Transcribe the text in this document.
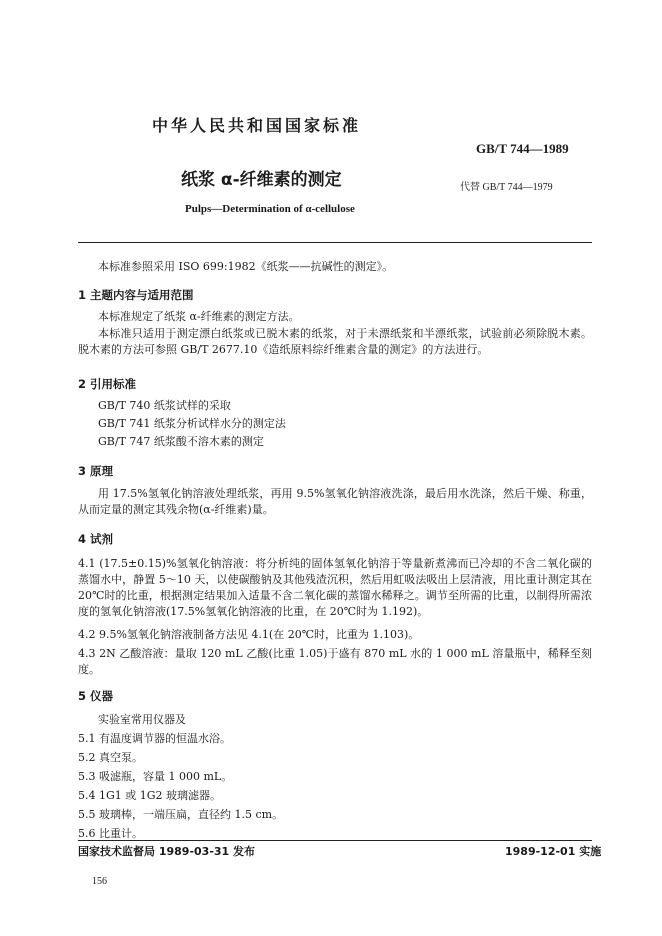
中华人民共和国国家标准
GB/T 744—1989
纸浆 α-纤维素的测定	代替 GB/T 744—1979
Pulps—Determination of α-cellulose
本标准参照采用 ISO 699:1982《纸浆——抗碱性的测定》。
1 主题内容与适用范围
本标准规定了纸浆 α-纤维素的测定方法。
本标准只适用于测定漂白纸浆或已脱木素的纸浆，对于未漂纸浆和半漂纸浆，试验前必须除脱木素。脱木素的方法可参照 GB/T 2677.10《造纸原料综纤维素含量的测定》的方法进行。
2 引用标准
GB/T 740 纸浆试样的采取
GB/T 741 纸浆分析试样水分的测定法
GB/T 747 纸浆酸不溶木素的测定
3 原理
用 17.5%氢氧化钠溶液处理纸浆，再用 9.5%氢氧化钠溶液洗涤，最后用水洗涤，然后干燥、称重，从而定量的测定其残余物(α-纤维素)量。
4 试剂
4.1 (17.5±0.15)%氢氧化钠溶液：将分析纯的固体氢氧化钠溶于等量新煮沸而已冷却的不含二氧化碳的蒸馏水中，静置 5～10 天，以使碳酸钠及其他残渣沉积，然后用虹吸法吸出上层清液，用比重计测定其在 20℃时的比重，根据测定结果加入适量不含二氧化碳的蒸馏水稀释之。调节至所需的比重，以制得所需浓度的氢氧化钠溶液(17.5%氢氧化钠溶液的比重，在 20℃时为 1.192)。
4.2 9.5%氢氧化钠溶液制备方法见 4.1(在 20℃时，比重为 1.103)。
4.3 2N 乙酸溶液：量取 120 mL 乙酸(比重 1.05)于盛有 870 mL 水的 1 000 mL 溶量瓶中，稀释至刻度。
5 仪器
实验室常用仪器及
5.1 有温度调节器的恒温水浴。
5.2 真空泵。
5.3 吸滤瓶，容量 1 000 mL。
5.4 1G1 或 1G2 玻璃滤器。
5.5 玻璃棒，一端压扁，直径约 1.5 cm。
5.6 比重计。
国家技术监督局 1989-03-31 发布	1989-12-01 实施
156
